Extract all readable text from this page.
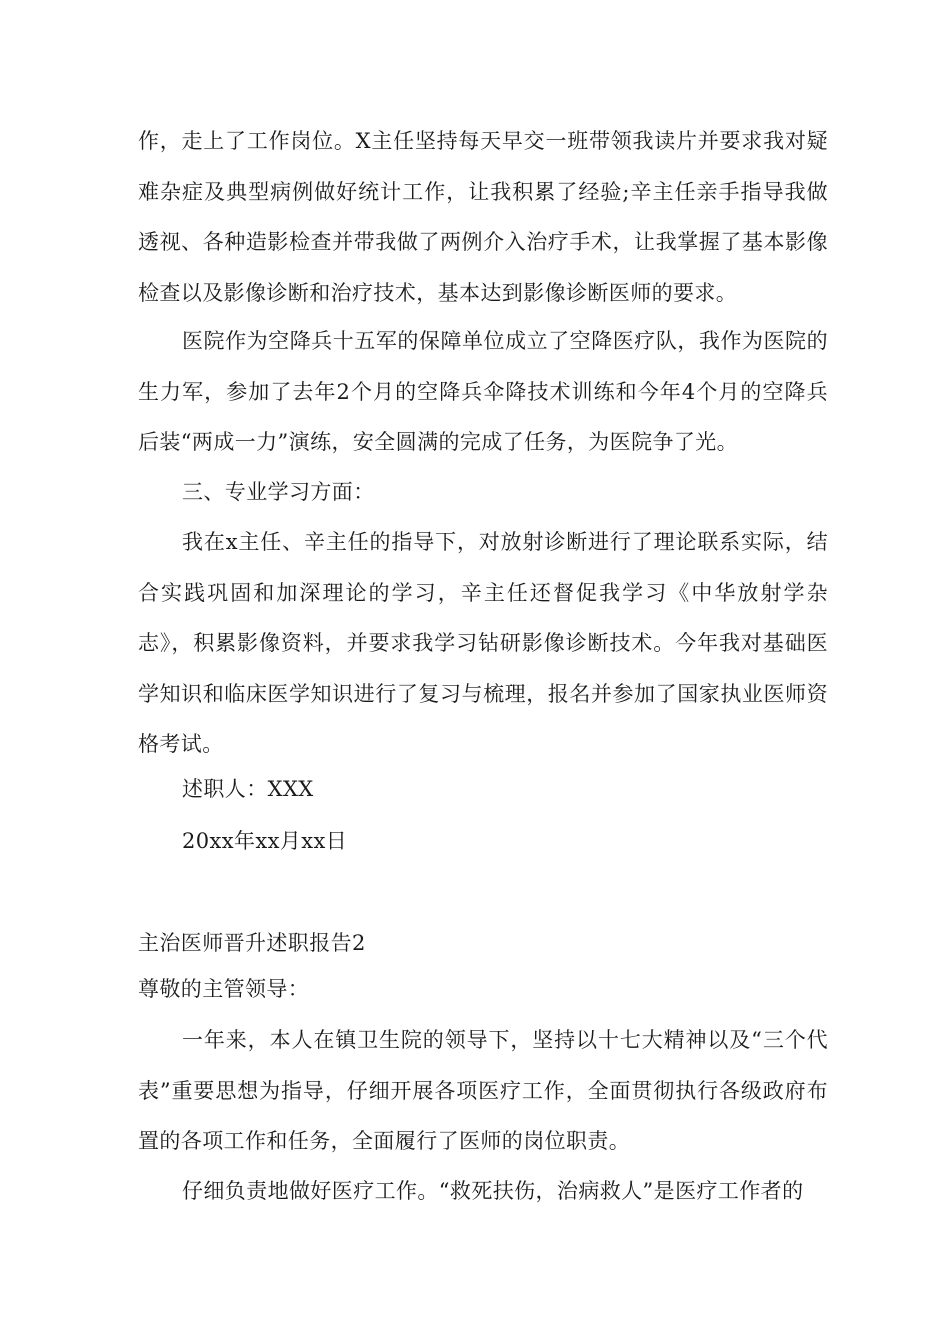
作，走上了工作岗位。X主任坚持每天早交一班带领我读片并要求我对疑难杂症及典型病例做好统计工作，让我积累了经验;辛主任亲手指导我做透视、各种造影检查并带我做了两例介入治疗手术，让我掌握了基本影像检查以及影像诊断和治疗技术，基本达到影像诊断医师的要求。

医院作为空降兵十五军的保障单位成立了空降医疗队，我作为医院的生力军，参加了去年2个月的空降兵伞降技术训练和今年4个月的空降兵后装“两成一力”演练，安全圆满的完成了任务，为医院争了光。

三、专业学习方面：

我在x主任、辛主任的指导下，对放射诊断进行了理论联系实际，结合实践巩固和加深理论的学习，辛主任还督促我学习《中华放射学杂志》，积累影像资料，并要求我学习钻研影像诊断技术。今年我对基础医学知识和临床医学知识进行了复习与梳理，报名并参加了国家执业医师资格考试。

述职人：XXX

20xx年xx月xx日

主治医师晋升述职报告2

尊敬的主管领导：

一年来，本人在镇卫生院的领导下，坚持以十七大精神以及“三个代表”重要思想为指导，仔细开展各项医疗工作，全面贯彻执行各级政府布置的各项工作和任务，全面履行了医师的岗位职责。

仔细负责地做好医疗工作。“救死扶伤，治病救人”是医疗工作者的
